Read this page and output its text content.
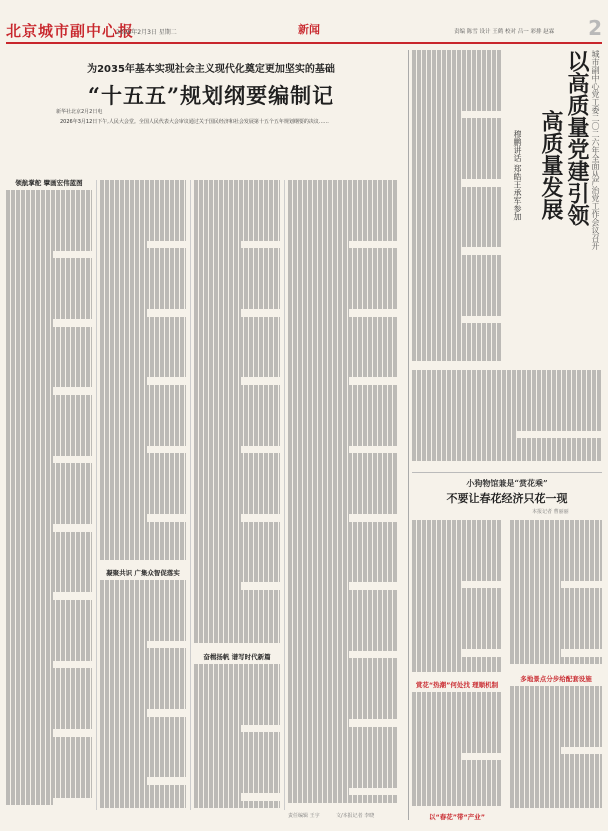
北京城市副中心报
2026年2月3日 星期二	新闻	责编 陈雪 设计 王鹤 校对 吕一 彩排 赵霖 2
为2035年基本实现社会主义现代化奠定更加坚实的基础
“十五五”规划纲要编制记
新华社北京2月2日电
2026年3月12日下午,人民大会堂。全国人民代表大会审议通过关于国民经济和社会发展第十五个五年规划纲要的决议……
领航掌舵 擘画宏伟蓝图
凝聚共识 广集众智促落实
奋楫扬帆 谱写时代新篇
责任编辑 王宇	文/本报记者 李晓
以高质量党建引领
高质量发展	城市副中心党工委二〇二六年全面从严治党工作会议召开
穆鹏讲话 郑皓王承军参加
小狗物馆兼是“赏花乘”
不要让春花经济只花一现
本报记者 曹丽丽
赏花“热潮”何处找 理顺机制
多地景点分步给配套设施
以“春花”带“产业”
